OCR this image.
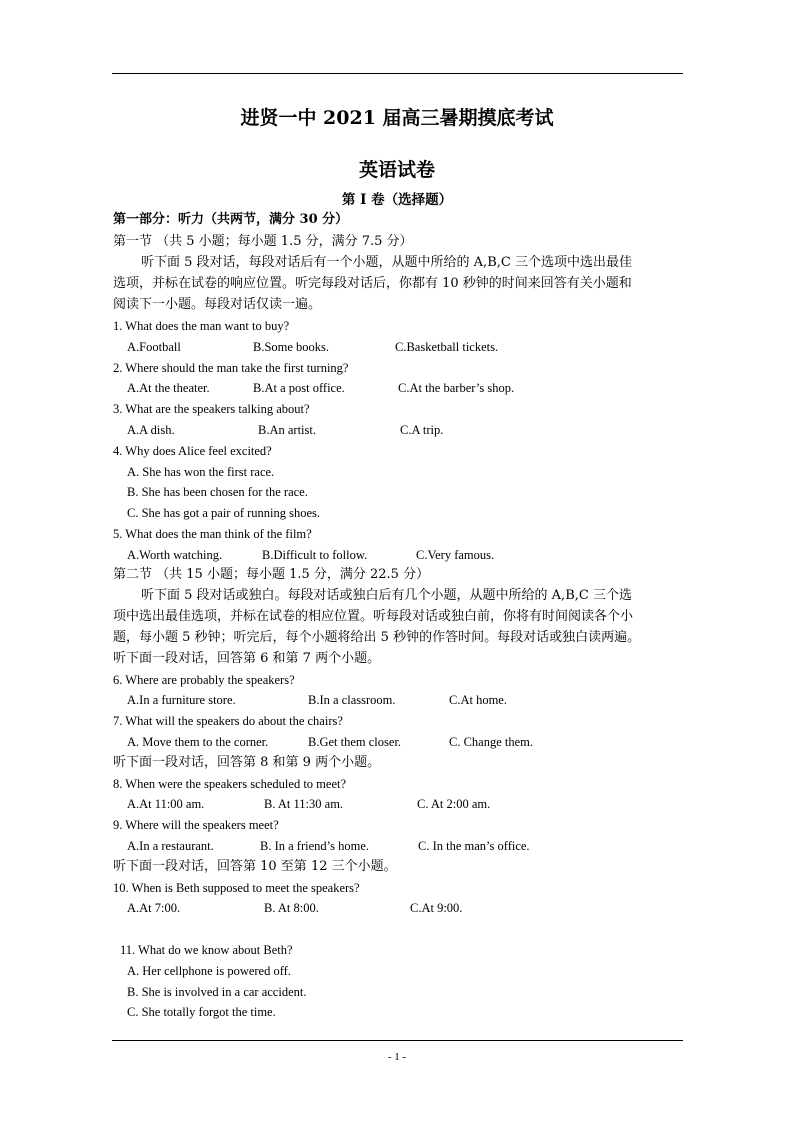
进贤一中 2021 届高三暑期摸底考试
英语试卷
第 I 卷（选择题）
第一部分：听力（共两节，满分 30 分）
第一节 （共 5 小题；每小题 1.5 分，满分 7.5 分）
听下面 5 段对话，每段对话后有一个小题，从题中所给的 A,B,C 三个选项中选出最佳
选项，并标在试卷的响应位置。听完每段对话后，你都有 10 秒钟的时间来回答有关小题和
阅读下一小题。每段对话仅读一遍。
1. What does the man want to buy?
A.Football	B.Some books.	C.Basketball tickets.
2. Where should the man take the first turning?
A.At the theater.	B.At a post office.	C.At the barber’s shop.
3. What are the speakers talking about?
A.A dish.	B.An artist.	C.A trip.
4. Why does Alice feel excited?
A. She has won the first race.
B. She has been chosen for the race.
C. She has got a pair of running shoes.
5. What does the man think of the film?
A.Worth watching.	B.Difficult to follow.	C.Very famous.
第二节 （共 15 小题；每小题 1.5 分，满分 22.5 分）
听下面 5 段对话或独白。每段对话或独白后有几个小题，从题中所给的 A,B,C 三个选
项中选出最佳选项，并标在试卷的相应位置。听每段对话或独白前，你将有时间阅读各个小
题，每小题 5 秒钟；听完后，每个小题将给出 5 秒钟的作答时间。每段对话或独白读两遍。
听下面一段对话，回答第 6 和第 7 两个小题。
6. Where are probably the speakers?
A.In a furniture store.	B.In a classroom.	C.At home.
7. What will the speakers do about the chairs?
A. Move them to the corner.	B.Get them closer.	C. Change them.
听下面一段对话，回答第 8 和第 9 两个小题。
8. When were the speakers scheduled to meet?
A.At 11:00 am.	B. At 11:30 am.	C. At 2:00 am.
9. Where will the speakers meet?
A.In a restaurant.	B. In a friend’s home.	C. In the man’s office.
听下面一段对话，回答第 10 至第 12 三个小题。
10. When is Beth supposed to meet the speakers?
A.At 7:00.	B. At 8:00.	C.At 9:00.
11. What do we know about Beth?
A. Her cellphone is powered off.
B. She is involved in a car accident.
C. She totally forgot the time.
- 1 -
